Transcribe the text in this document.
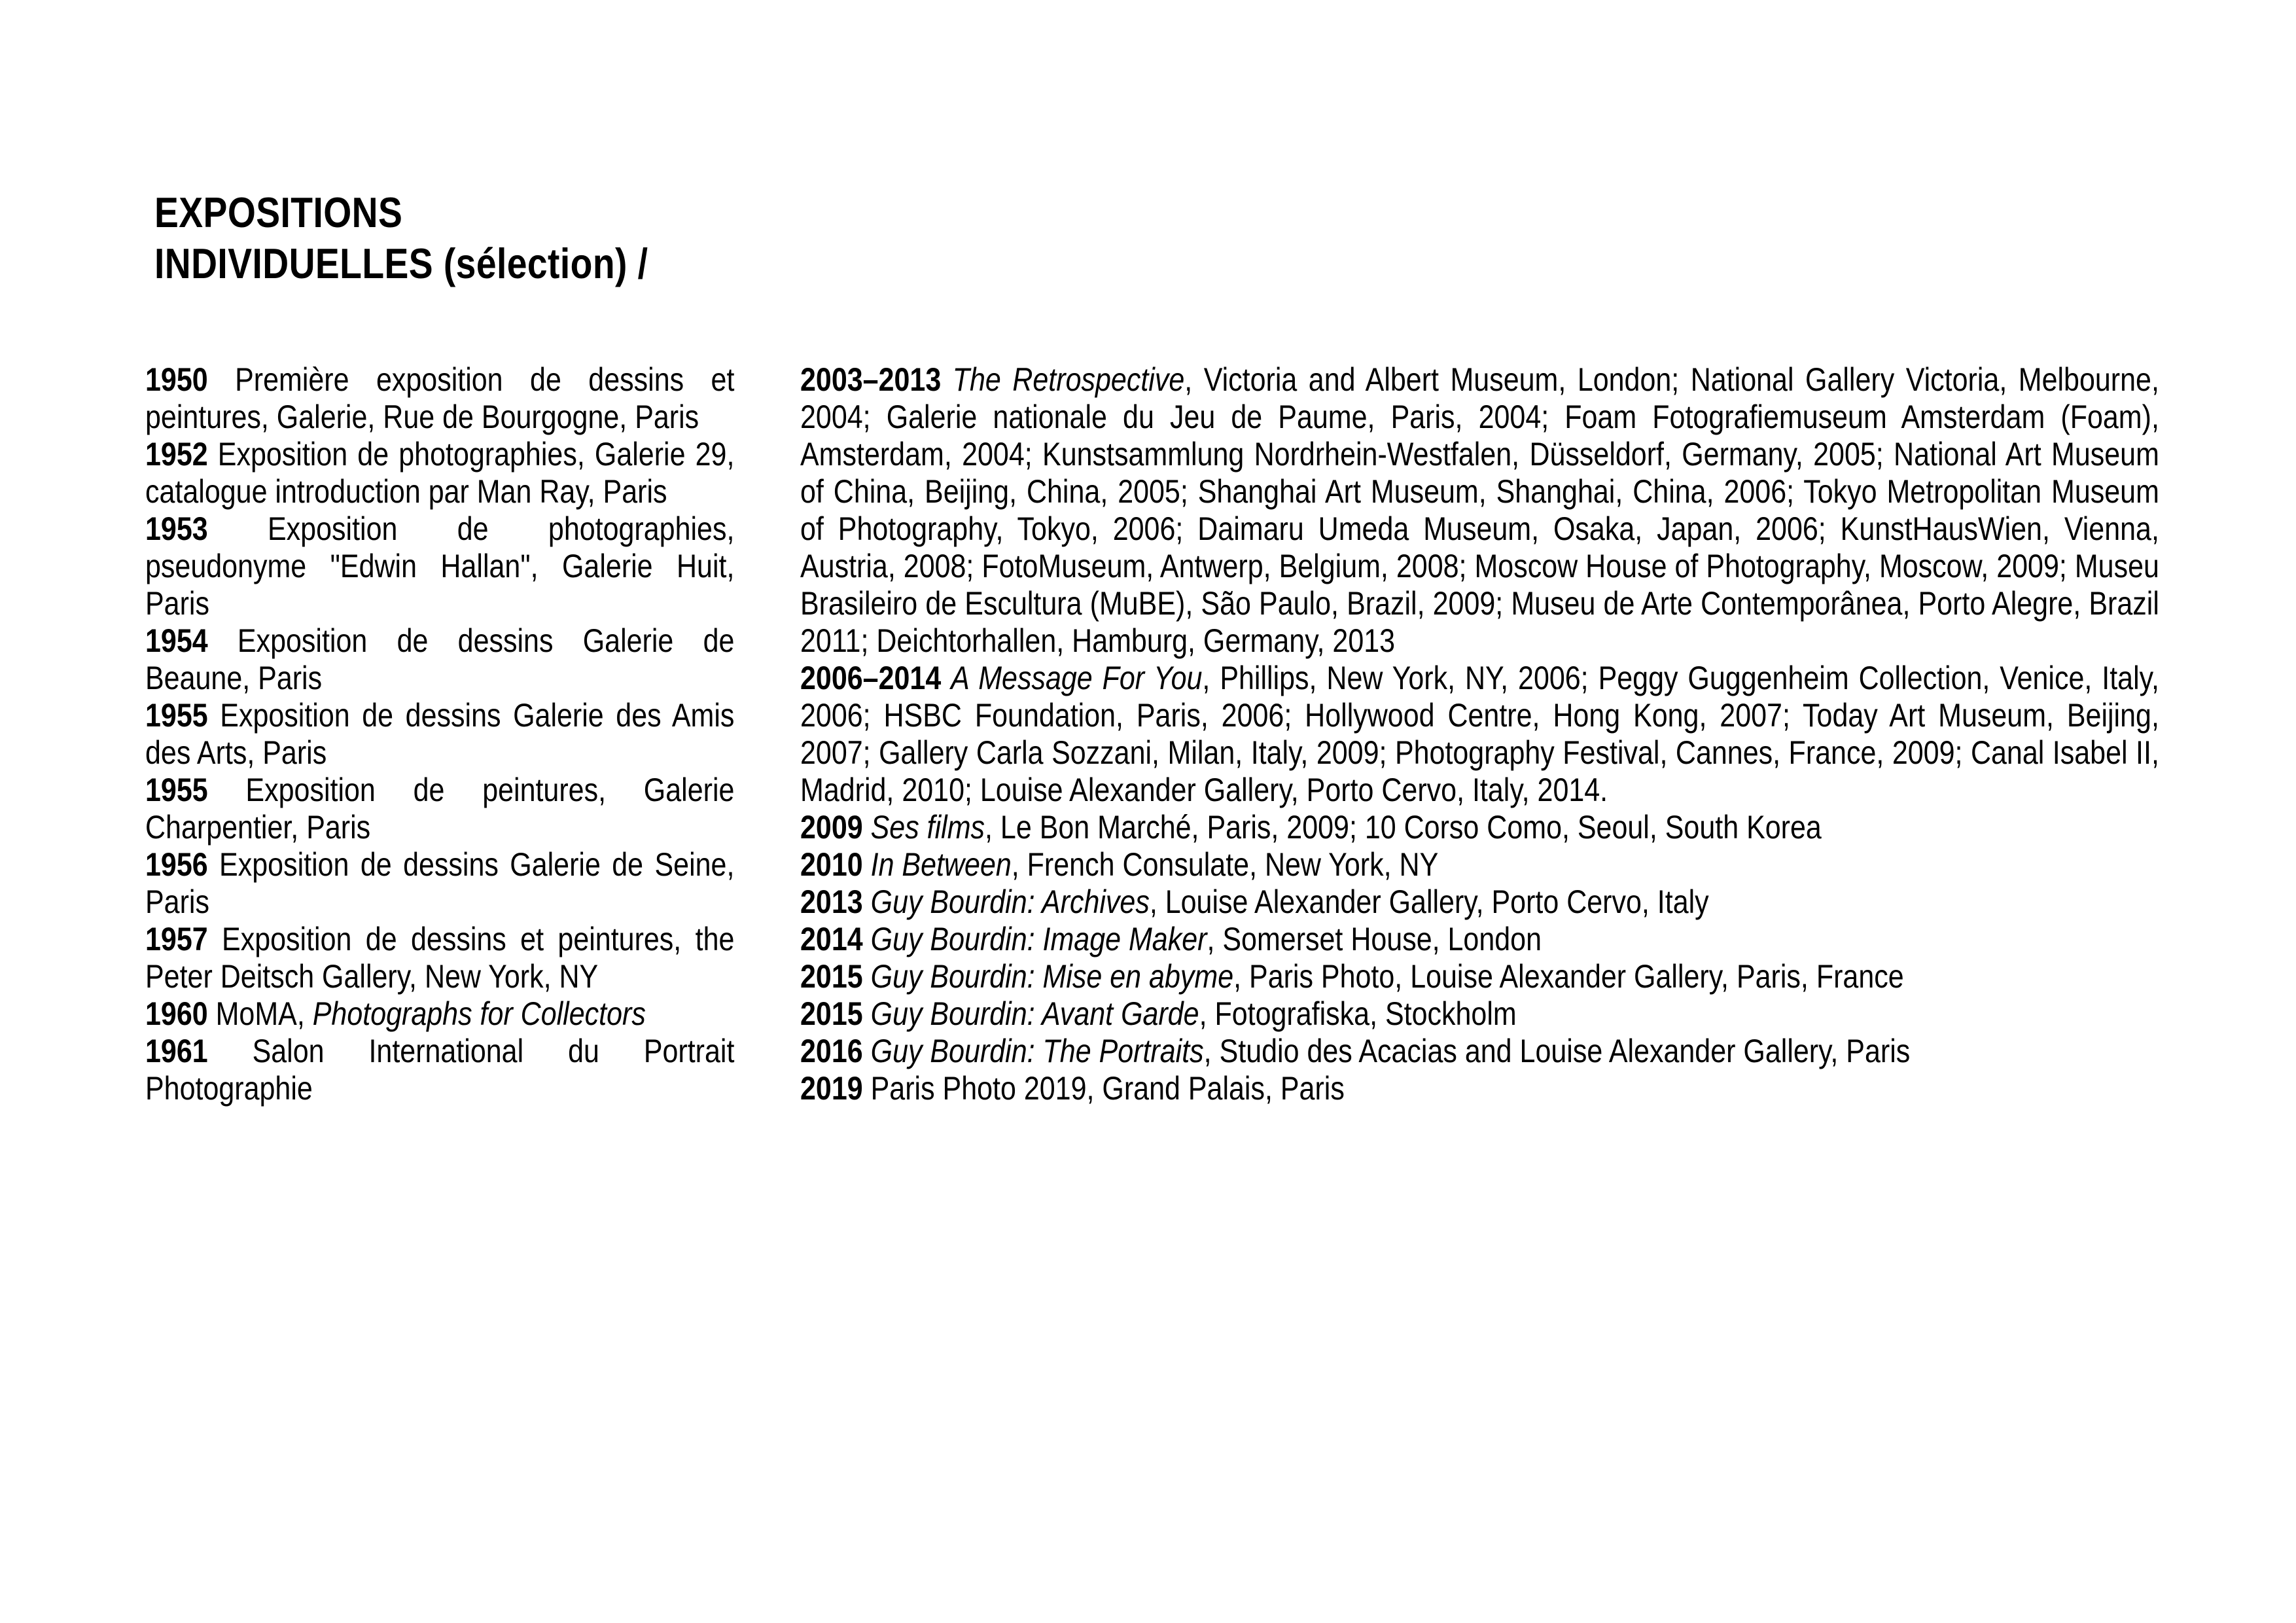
EXPOSITIONS
INDIVIDUELLES (sélection) /

1950 Première exposition de dessins et peintures, Galerie, Rue de Bourgogne, Paris

1952 Exposition de photographies, Galerie 29, catalogue introduction par Man Ray, Paris

1953 Exposition de photographies, pseudonyme "Edwin Hallan", Galerie Huit, Paris

1954 Exposition de dessins Galerie de Beaune, Paris

1955 Exposition de dessins Galerie des Amis des Arts, Paris

1955 Exposition de peintures, Galerie Charpentier, Paris

1956 Exposition de dessins Galerie de Seine, Paris

1957 Exposition de dessins et peintures, the Peter Deitsch Gallery, New York, NY

1960 MoMA, Photographs for Collectors

1961 Salon International du Portrait Photographie

2003–2013 The Retrospective, Victoria and Albert Museum, London; National Gallery Victoria, Melbourne, 2004; Galerie nationale du Jeu de Paume, Paris, 2004; Foam Fotografiemuseum Amsterdam (Foam), Amsterdam, 2004; Kunstsammlung Nordrhein-Westfalen, Düsseldorf, Germany, 2005; National Art Museum of China, Beijing, China, 2005; Shanghai Art Museum, Shanghai, China, 2006; Tokyo Metropolitan Museum of Photography, Tokyo, 2006; Daimaru Umeda Museum, Osaka, Japan, 2006; KunstHausWien, Vienna, Austria, 2008; FotoMuseum, Antwerp, Belgium, 2008; Moscow House of Photography, Moscow, 2009; Museu Brasileiro de Escultura (MuBE), São Paulo, Brazil, 2009; Museu de Arte Contemporânea, Porto Alegre, Brazil 2011; Deichtorhallen, Hamburg, Germany, 2013

2006–2014 A Message For You, Phillips, New York, NY, 2006; Peggy Guggenheim Collection, Venice, Italy, 2006; HSBC Foundation, Paris, 2006; Hollywood Centre, Hong Kong, 2007; Today Art Museum, Beijing, 2007; Gallery Carla Sozzani, Milan, Italy, 2009; Photography Festival, Cannes, France, 2009; Canal Isabel II, Madrid, 2010; Louise Alexander Gallery, Porto Cervo, Italy, 2014.

2009 Ses films, Le Bon Marché, Paris, 2009; 10 Corso Como, Seoul, South Korea

2010 In Between, French Consulate, New York, NY

2013 Guy Bourdin: Archives, Louise Alexander Gallery, Porto Cervo, Italy

2014 Guy Bourdin: Image Maker, Somerset House, London

2015 Guy Bourdin: Mise en abyme, Paris Photo, Louise Alexander Gallery, Paris, France

2015 Guy Bourdin: Avant Garde, Fotografiska, Stockholm

2016 Guy Bourdin: The Portraits, Studio des Acacias and Louise Alexander Gallery, Paris

2019 Paris Photo 2019, Grand Palais, Paris
